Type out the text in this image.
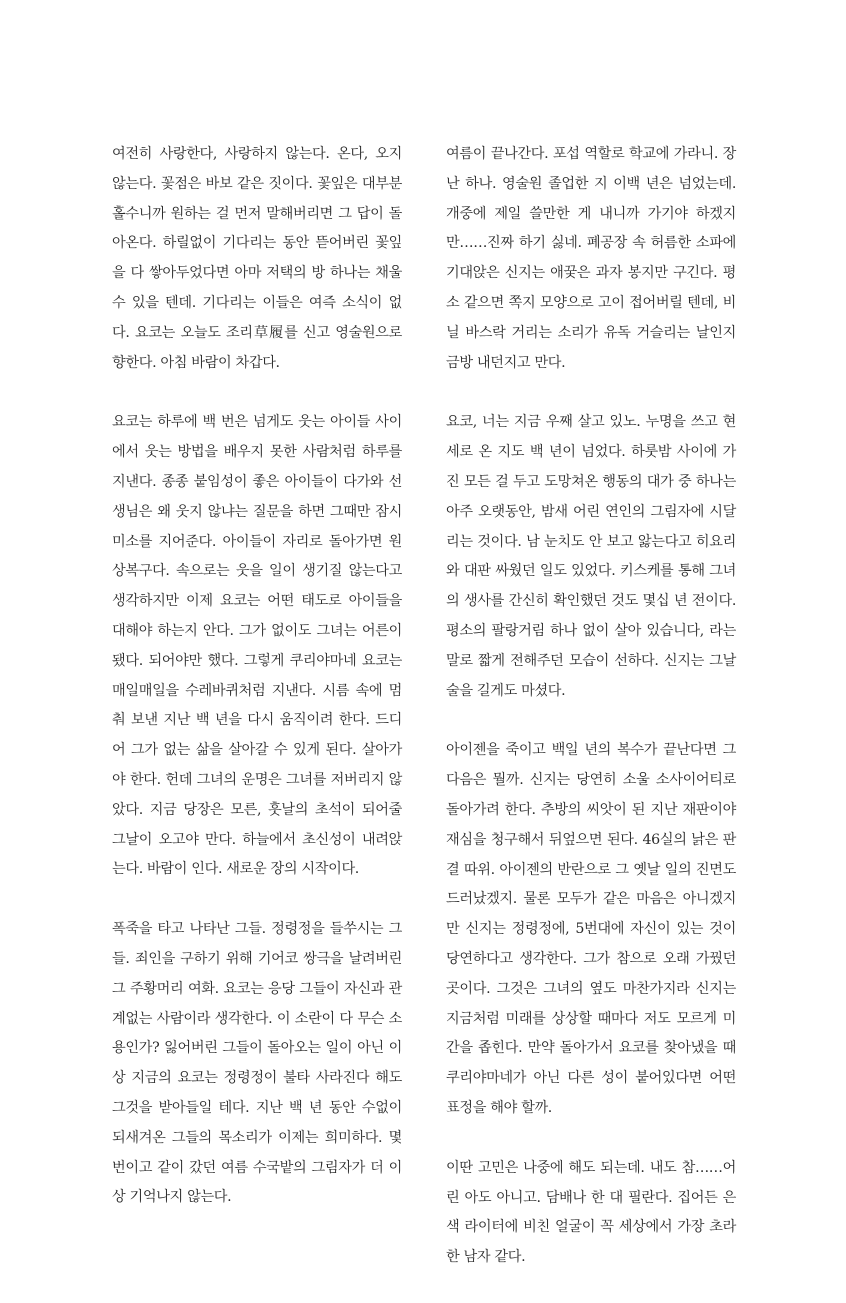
여전히 사랑한다, 사랑하지 않는다. 온다, 오지 않는다. 꽃점은 바보 같은 짓이다. 꽃잎은 대부분 홀수니까 원하는 걸 먼저 말해버리면 그 답이 돌아온다. 하릴없이 기다리는 동안 뜯어버린 꽃잎을 다 쌓아두었다면 아마 저택의 방 하나는 채울 수 있을 텐데. 기다리는 이들은 여즉 소식이 없다. 요코는 오늘도 조리草履를 신고 영술원으로 향한다. 아침 바람이 차갑다.

요코는 하루에 백 번은 넘게도 웃는 아이들 사이에서 웃는 방법을 배우지 못한 사람처럼 하루를 지낸다. 종종 붙임성이 좋은 아이들이 다가와 선생님은 왜 웃지 않냐는 질문을 하면 그때만 잠시 미소를 지어준다. 아이들이 자리로 돌아가면 원상복구다. 속으로는 웃을 일이 생기질 않는다고 생각하지만 이제 요코는 어떤 태도로 아이들을 대해야 하는지 안다. 그가 없이도 그녀는 어른이 됐다. 되어야만 했다. 그렇게 쿠리야마네 요코는 매일매일을 수레바퀴처럼 지낸다. 시름 속에 멈춰 보낸 지난 백 년을 다시 움직이려 한다. 드디어 그가 없는 삶을 살아갈 수 있게 된다. 살아가야 한다. 헌데 그녀의 운명은 그녀를 저버리지 않았다. 지금 당장은 모른, 훗날의 초석이 되어줄 그날이 오고야 만다. 하늘에서 초신성이 내려앉는다. 바람이 인다. 새로운 장의 시작이다.

폭죽을 타고 나타난 그들. 정령정을 들쑤시는 그들. 죄인을 구하기 위해 기어코 쌍극을 날려버린 그 주황머리 여화. 요코는 응당 그들이 자신과 관계없는 사람이라 생각한다. 이 소란이 다 무슨 소용인가? 잃어버린 그들이 돌아오는 일이 아닌 이상 지금의 요코는 정령정이 불타 사라진다 해도 그것을 받아들일 테다. 지난 백 년 동안 수없이 되새겨온 그들의 목소리가 이제는 희미하다. 몇 번이고 같이 갔던 여름 수국밭의 그림자가 더 이상 기억나지 않는다.

여름이 끝나간다. 포섭 역할로 학교에 가라니. 장난 하나. 영술원 졸업한 지 이백 년은 넘었는데. 개중에 제일 쓸만한 게 내니까 가기야 하겠지만……진짜 하기 싫네. 폐공장 속 허름한 소파에 기대앉은 신지는 애꿎은 과자 봉지만 구긴다. 평소 같으면 쪽지 모양으로 고이 접어버릴 텐데, 비닐 바스락 거리는 소리가 유독 거슬리는 날인지 금방 내던지고 만다.

요코, 너는 지금 우째 살고 있노. 누명을 쓰고 현세로 온 지도 백 년이 넘었다. 하룻밤 사이에 가진 모든 걸 두고 도망쳐온 행동의 대가 중 하나는 아주 오랫동안, 밤새 어린 연인의 그림자에 시달리는 것이다. 남 눈치도 안 보고 앓는다고 히요리와 대판 싸웠던 일도 있었다. 키스케를 통해 그녀의 생사를 간신히 확인했던 것도 몇십 년 전이다. 평소의 팔랑거림 하나 없이 살아 있습니다, 라는 말로 짧게 전해주던 모습이 선하다. 신지는 그날 술을 길게도 마셨다.

아이젠을 죽이고 백일 년의 복수가 끝난다면 그다음은 뭘까. 신지는 당연히 소울 소사이어티로 돌아가려 한다. 추방의 씨앗이 된 지난 재판이야 재심을 청구해서 뒤엎으면 된다. 46실의 낡은 판결 따위. 아이젠의 반란으로 그 옛날 일의 진면도 드러났겠지. 물론 모두가 같은 마음은 아니겠지만 신지는 정령정에, 5번대에 자신이 있는 것이 당연하다고 생각한다. 그가 참으로 오래 가꿨던 곳이다. 그것은 그녀의 옆도 마찬가지라 신지는 지금처럼 미래를 상상할 때마다 저도 모르게 미간을 좁힌다. 만약 돌아가서 요코를 찾아냈을 때 쿠리야마네가 아닌 다른 성이 붙어있다면 어떤 표정을 해야 할까.

이딴 고민은 나중에 해도 되는데. 내도 참……어린 아도 아니고. 담배나 한 대 필란다. 집어든 은색 라이터에 비친 얼굴이 꼭 세상에서 가장 초라한 남자 같다.
